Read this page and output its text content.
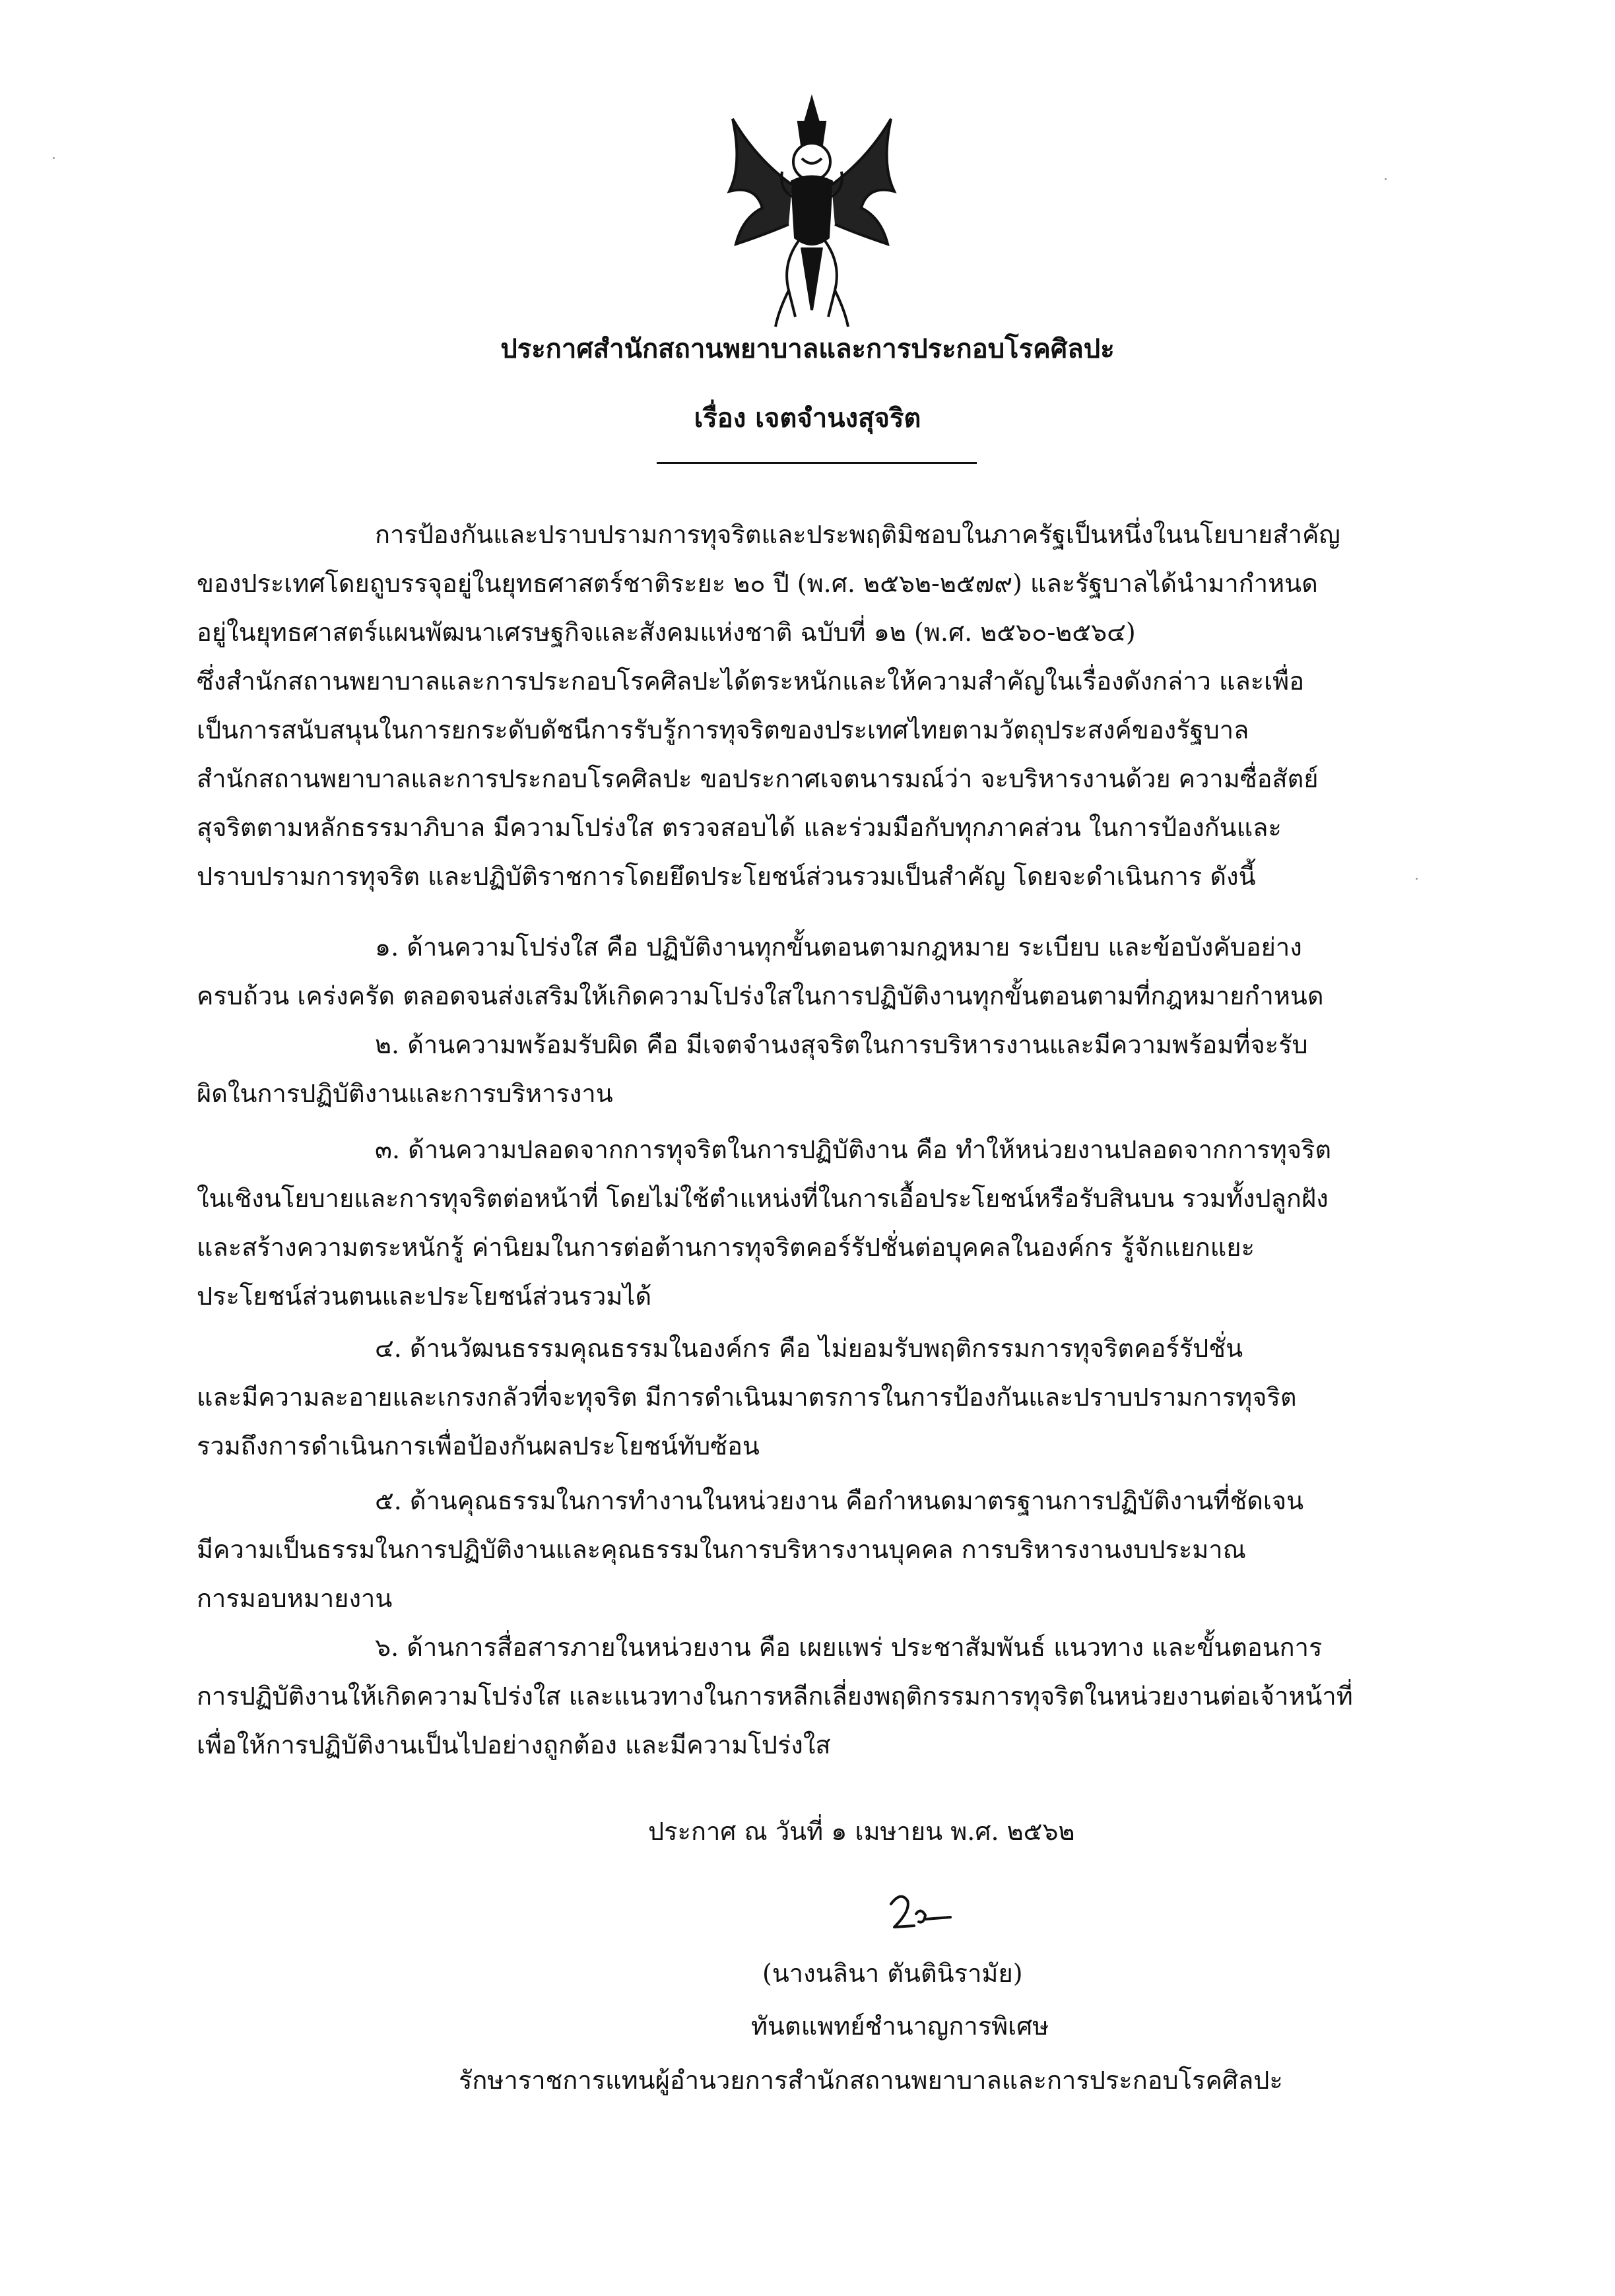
ประกาศสำนักสถานพยาบาลและการประกอบโรคศิลปะ
เรื่อง เจตจำนงสุจริต
การป้องกันและปราบปรามการทุจริตและประพฤติมิชอบในภาครัฐเป็นหนึ่งในนโยบายสำคัญ
ของประเทศโดยถูบรรจุอยู่ในยุทธศาสตร์ชาติระยะ ๒๐ ปี (พ.ศ. ๒๕๖๒-๒๕๗๙) และรัฐบาลได้นำมากำหนด
อยู่ในยุทธศาสตร์แผนพัฒนาเศรษฐกิจและสังคมแห่งชาติ ฉบับที่ ๑๒ (พ.ศ. ๒๕๖๐-๒๕๖๔)
ซึ่งสำนักสถานพยาบาลและการประกอบโรคศิลปะได้ตระหนักและให้ความสำคัญในเรื่องดังกล่าว และเพื่อ
เป็นการสนับสนุนในการยกระดับดัชนีการรับรู้การทุจริตของประเทศไทยตามวัตถุประสงค์ของรัฐบาล
สำนักสถานพยาบาลและการประกอบโรคศิลปะ ขอประกาศเจตนารมณ์ว่า จะบริหารงานด้วย ความซื่อสัตย์
สุจริตตามหลักธรรมาภิบาล มีความโปร่งใส ตรวจสอบได้ และร่วมมือกับทุกภาคส่วน ในการป้องกันและ
ปราบปรามการทุจริต และปฏิบัติราชการโดยยึดประโยชน์ส่วนรวมเป็นสำคัญ โดยจะดำเนินการ ดังนี้
๑. ด้านความโปร่งใส คือ ปฏิบัติงานทุกขั้นตอนตามกฎหมาย ระเบียบ และข้อบังคับอย่าง
ครบถ้วน เคร่งครัด ตลอดจนส่งเสริมให้เกิดความโปร่งใสในการปฏิบัติงานทุกขั้นตอนตามที่กฎหมายกำหนด
๒. ด้านความพร้อมรับผิด คือ มีเจตจำนงสุจริตในการบริหารงานและมีความพร้อมที่จะรับ
ผิดในการปฏิบัติงานและการบริหารงาน
๓. ด้านความปลอดจากการทุจริตในการปฏิบัติงาน คือ ทำให้หน่วยงานปลอดจากการทุจริต
ในเชิงนโยบายและการทุจริตต่อหน้าที่ โดยไม่ใช้ตำแหน่งที่ในการเอื้อประโยชน์หรือรับสินบน รวมทั้งปลูกฝัง
และสร้างความตระหนักรู้ ค่านิยมในการต่อต้านการทุจริตคอร์รัปชั่นต่อบุคคลในองค์กร รู้จักแยกแยะ
ประโยชน์ส่วนตนและประโยชน์ส่วนรวมได้
๔. ด้านวัฒนธรรมคุณธรรมในองค์กร คือ ไม่ยอมรับพฤติกรรมการทุจริตคอร์รัปชั่น
และมีความละอายและเกรงกลัวที่จะทุจริต มีการดำเนินมาตรการในการป้องกันและปราบปรามการทุจริต
รวมถึงการดำเนินการเพื่อป้องกันผลประโยชน์ทับซ้อน
๕. ด้านคุณธรรมในการทำงานในหน่วยงาน คือกำหนดมาตรฐานการปฏิบัติงานที่ชัดเจน
มีความเป็นธรรมในการปฏิบัติงานและคุณธรรมในการบริหารงานบุคคล การบริหารงานงบประมาณ
การมอบหมายงาน
๖. ด้านการสื่อสารภายในหน่วยงาน คือ เผยแพร่ ประชาสัมพันธ์ แนวทาง และขั้นตอนการ
การปฏิบัติงานให้เกิดความโปร่งใส และแนวทางในการหลีกเลี่ยงพฤติกรรมการทุจริตในหน่วยงานต่อเจ้าหน้าที่
เพื่อให้การปฏิบัติงานเป็นไปอย่างถูกต้อง และมีความโปร่งใส
ประกาศ ณ วันที่ ๑ เมษายน พ.ศ. ๒๕๖๒
(นางนลินา ตันตินิรามัย)
ทันตแพทย์ชำนาญการพิเศษ
รักษาราชการแทนผู้อำนวยการสำนักสถานพยาบาลและการประกอบโรคศิลปะ
